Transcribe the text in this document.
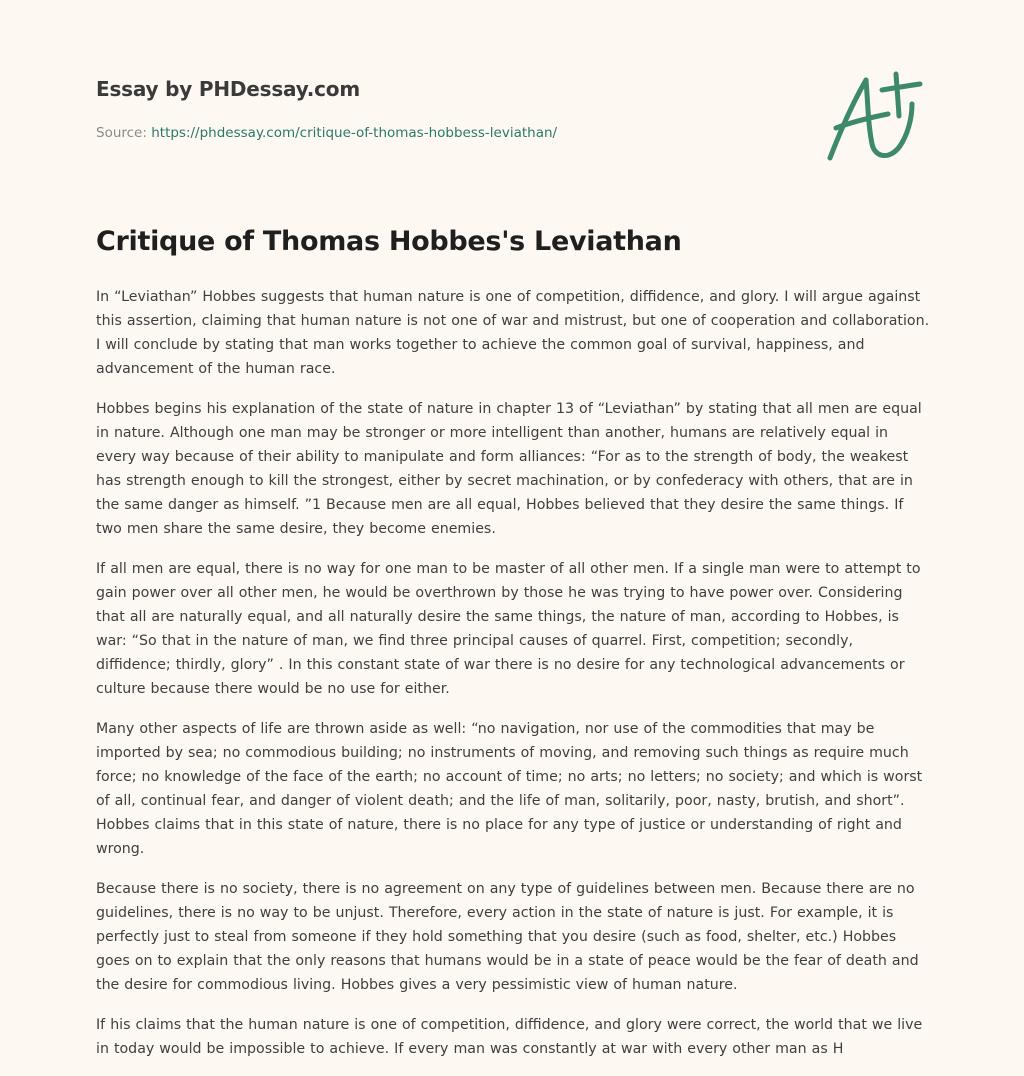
Essay by PHDessay.com
Source: https://phdessay.com/critique-of-thomas-hobbess-leviathan/
Critique of Thomas Hobbes's Leviathan

In “Leviathan” Hobbes suggests that human nature is one of competition, diffidence, and glory. I will argue against this assertion, claiming that human nature is not one of war and mistrust, but one of cooperation and collaboration. I will conclude by stating that man works together to achieve the common goal of survival, happiness, and advancement of the human race.

Hobbes begins his explanation of the state of nature in chapter 13 of “Leviathan” by stating that all men are equal in nature. Although one man may be stronger or more intelligent than another, humans are relatively equal in every way because of their ability to manipulate and form alliances: “For as to the strength of body, the weakest has strength enough to kill the strongest, either by secret machination, or by confederacy with others, that are in the same danger as himself. ”1 Because men are all equal, Hobbes believed that they desire the same things. If two men share the same desire, they become enemies.

If all men are equal, there is no way for one man to be master of all other men. If a single man were to attempt to gain power over all other men, he would be overthrown by those he was trying to have power over. Considering that all are naturally equal, and all naturally desire the same things, the nature of man, according to Hobbes, is war: “So that in the nature of man, we find three principal causes of quarrel. First, competition; secondly, diffidence; thirdly, glory” . In this constant state of war there is no desire for any technological advancements or culture because there would be no use for either.

Many other aspects of life are thrown aside as well: “no navigation, nor use of the commodities that may be imported by sea; no commodious building; no instruments of moving, and removing such things as require much force; no knowledge of the face of the earth; no account of time; no arts; no letters; no society; and which is worst of all, continual fear, and danger of violent death; and the life of man, solitarily, poor, nasty, brutish, and short”. Hobbes claims that in this state of nature, there is no place for any type of justice or understanding of right and wrong.

Because there is no society, there is no agreement on any type of guidelines between men. Because there are no guidelines, there is no way to be unjust. Therefore, every action in the state of nature is just. For example, it is perfectly just to steal from someone if they hold something that you desire (such as food, shelter, etc.) Hobbes goes on to explain that the only reasons that humans would be in a state of peace would be the fear of death and the desire for commodious living. Hobbes gives a very pessimistic view of human nature.

If his claims that the human nature is one of competition, diffidence, and glory were correct, the world that we live in today would be impossible to achieve. If every man was constantly at war with every other man as H
